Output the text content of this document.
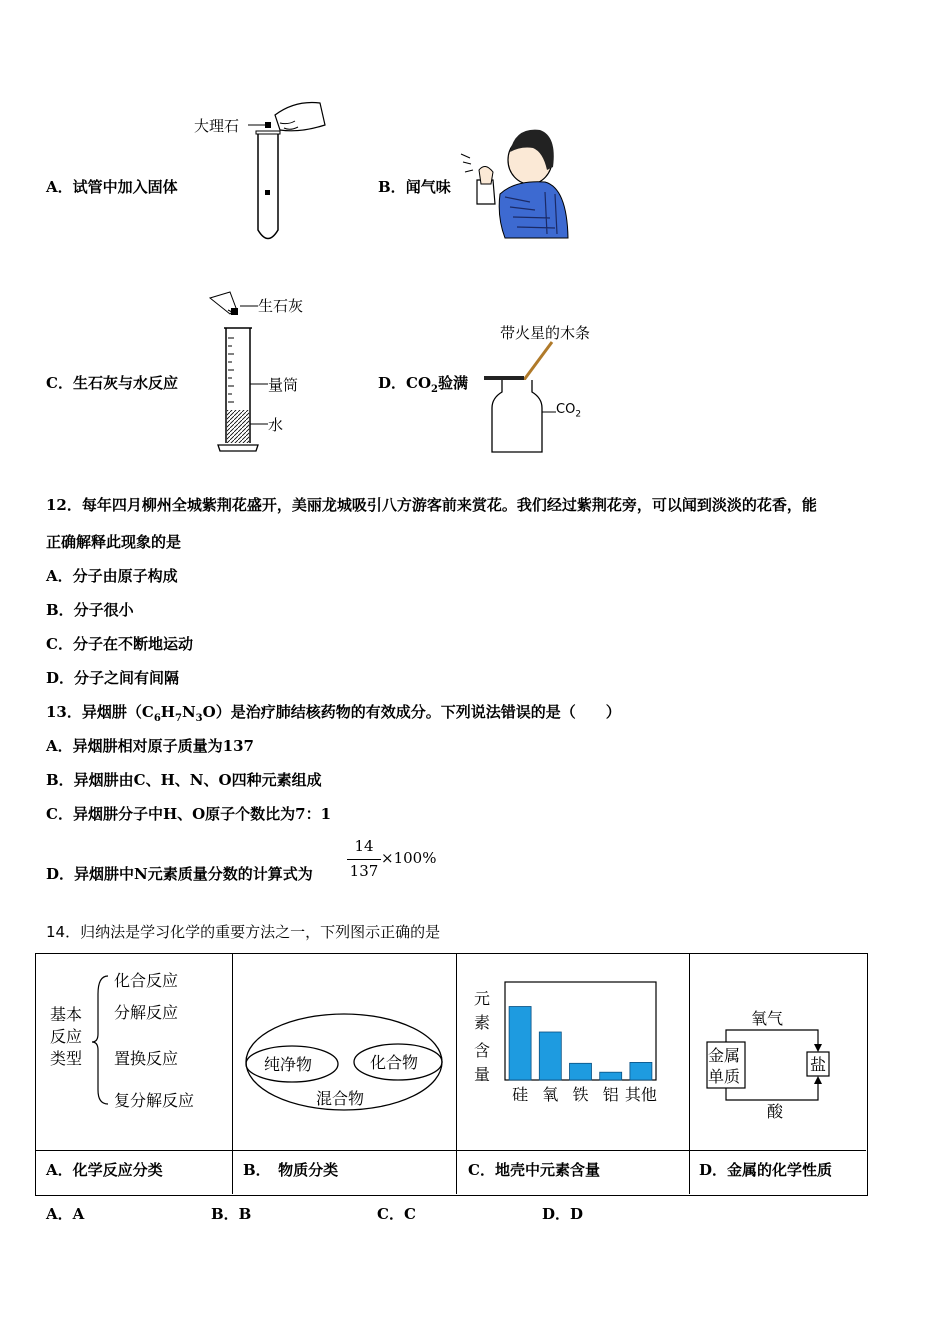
A．试管中加入固体	B．闻气味
C．生石灰与水反应	D．$CO_2$验满
大理石
生石灰
量筒
水
带火星的木条
$CO_2$
12．每年四月柳州全城紫荆花盛开，美丽龙城吸引八方游客前来赏花。我们经过紫荆花旁，可以闻到淡淡的花香，能
正确解释此现象的是
A．分子由原子构成
B．分子很小
C．分子在不断地运动
D．分子之间有间隔
13．异烟肼$(C_6H_7N_3O)$是治疗肺结核药物的有效成分。下列说法错误的是（　　）
A．异烟肼相对原子质量为137
B．异烟肼由C、H、N、O四种元素组成
C．异烟肼分子中H、O原子个数比为7：1
D．异烟肼中N元素质量分数的计算式为
14
137
×100%
14．归纳法是学习化学的重要方法之一，下列图示正确的是
基本
反应
类型
化合反应
分解反应
置换反应
复分解反应
纯净物	化合物
混合物
元
素
含
量
硅 氧 铁 铝 其他
金属
单质
盐
氧气
酸
A．化学反应分类	B．　物质分类	C．地壳中元素含量	D．金属的化学性质
A．A	B．B	C．C	D．D
